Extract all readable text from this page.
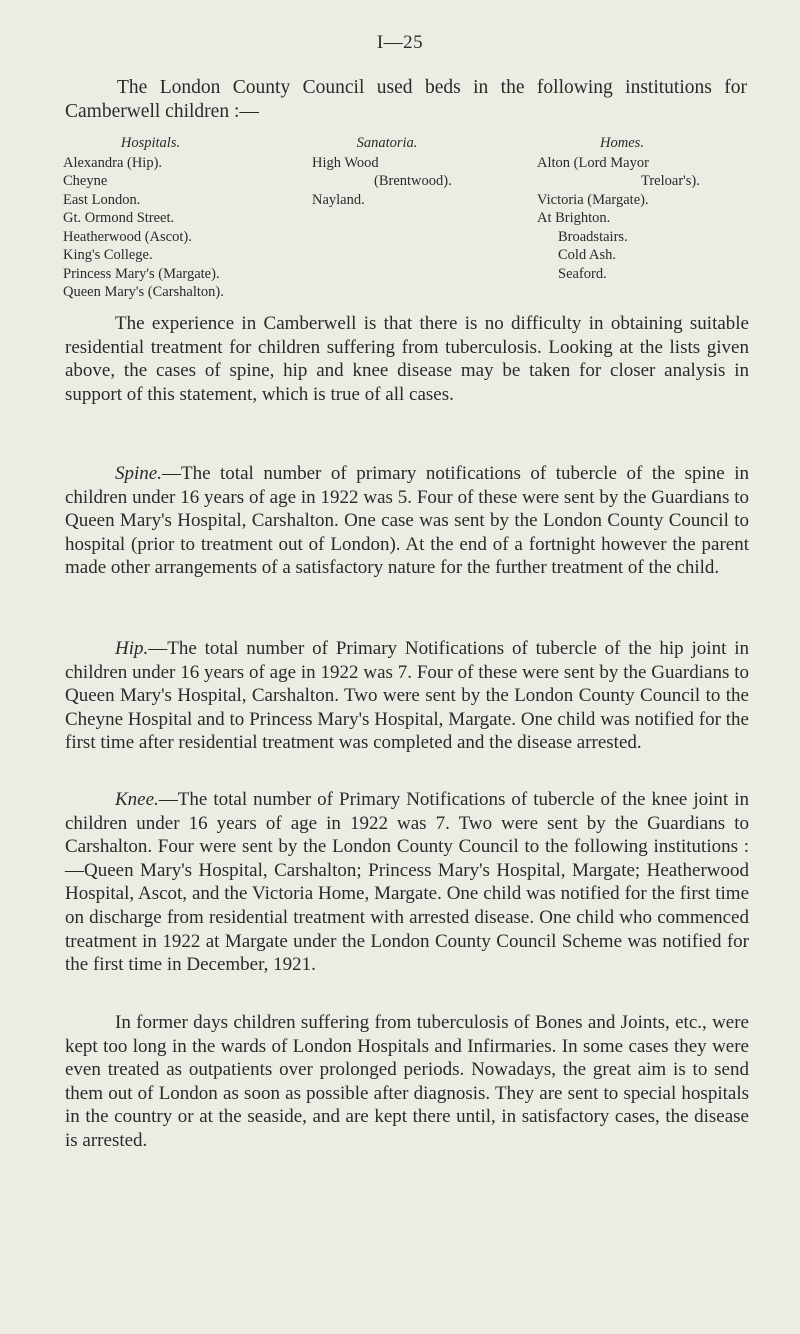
I—25
The London County Council used beds in the following institutions for Camberwell children :—
Hospitals.
Alexandra (Hip).
Cheyne
East London.
Gt. Ormond Street.
Heatherwood (Ascot).
King's College.
Princess Mary's (Margate).
Queen Mary's (Carshalton).
Sanatoria.
High Wood
(Brentwood).
Nayland.
Homes.
Alton (Lord Mayor
Treloar's).
Victoria (Margate).
At Brighton.
Broadstairs.
Cold Ash.
Seaford.

The experience in Camberwell is that there is no difficulty in obtaining suitable residential treatment for children suffering from tuberculosis. Looking at the lists given above, the cases of spine, hip and knee disease may be taken for closer analysis in support of this statement, which is true of all cases.

Spine.—The total number of primary notifications of tubercle of the spine in children under 16 years of age in 1922 was 5. Four of these were sent by the Guardians to Queen Mary's Hospital, Carshalton. One case was sent by the London County Council to hospital (prior to treatment out of London). At the end of a fortnight however the parent made other arrangements of a satisfactory nature for the further treatment of the child.

Hip.—The total number of Primary Notifications of tubercle of the hip joint in children under 16 years of age in 1922 was 7. Four of these were sent by the Guardians to Queen Mary's Hospital, Carshalton. Two were sent by the London County Council to the Cheyne Hospital and to Princess Mary's Hospital, Margate. One child was notified for the first time after residential treatment was completed and the disease arrested.

Knee.—The total number of Primary Notifications of tubercle of the knee joint in children under 16 years of age in 1922 was 7. Two were sent by the Guardians to Carshalton. Four were sent by the London County Council to the following institutions :—Queen Mary's Hospital, Carshalton; Princess Mary's Hospital, Margate; Heatherwood Hospital, Ascot, and the Victoria Home, Margate. One child was notified for the first time on discharge from residential treatment with arrested disease. One child who commenced treatment in 1922 at Margate under the London County Council Scheme was notified for the first time in December, 1921.

In former days children suffering from tuberculosis of Bones and Joints, etc., were kept too long in the wards of London Hospitals and Infirmaries. In some cases they were even treated as outpatients over prolonged periods. Nowadays, the great aim is to send them out of London as soon as possible after diagnosis. They are sent to special hospitals in the country or at the seaside, and are kept there until, in satisfactory cases, the disease is arrested.
